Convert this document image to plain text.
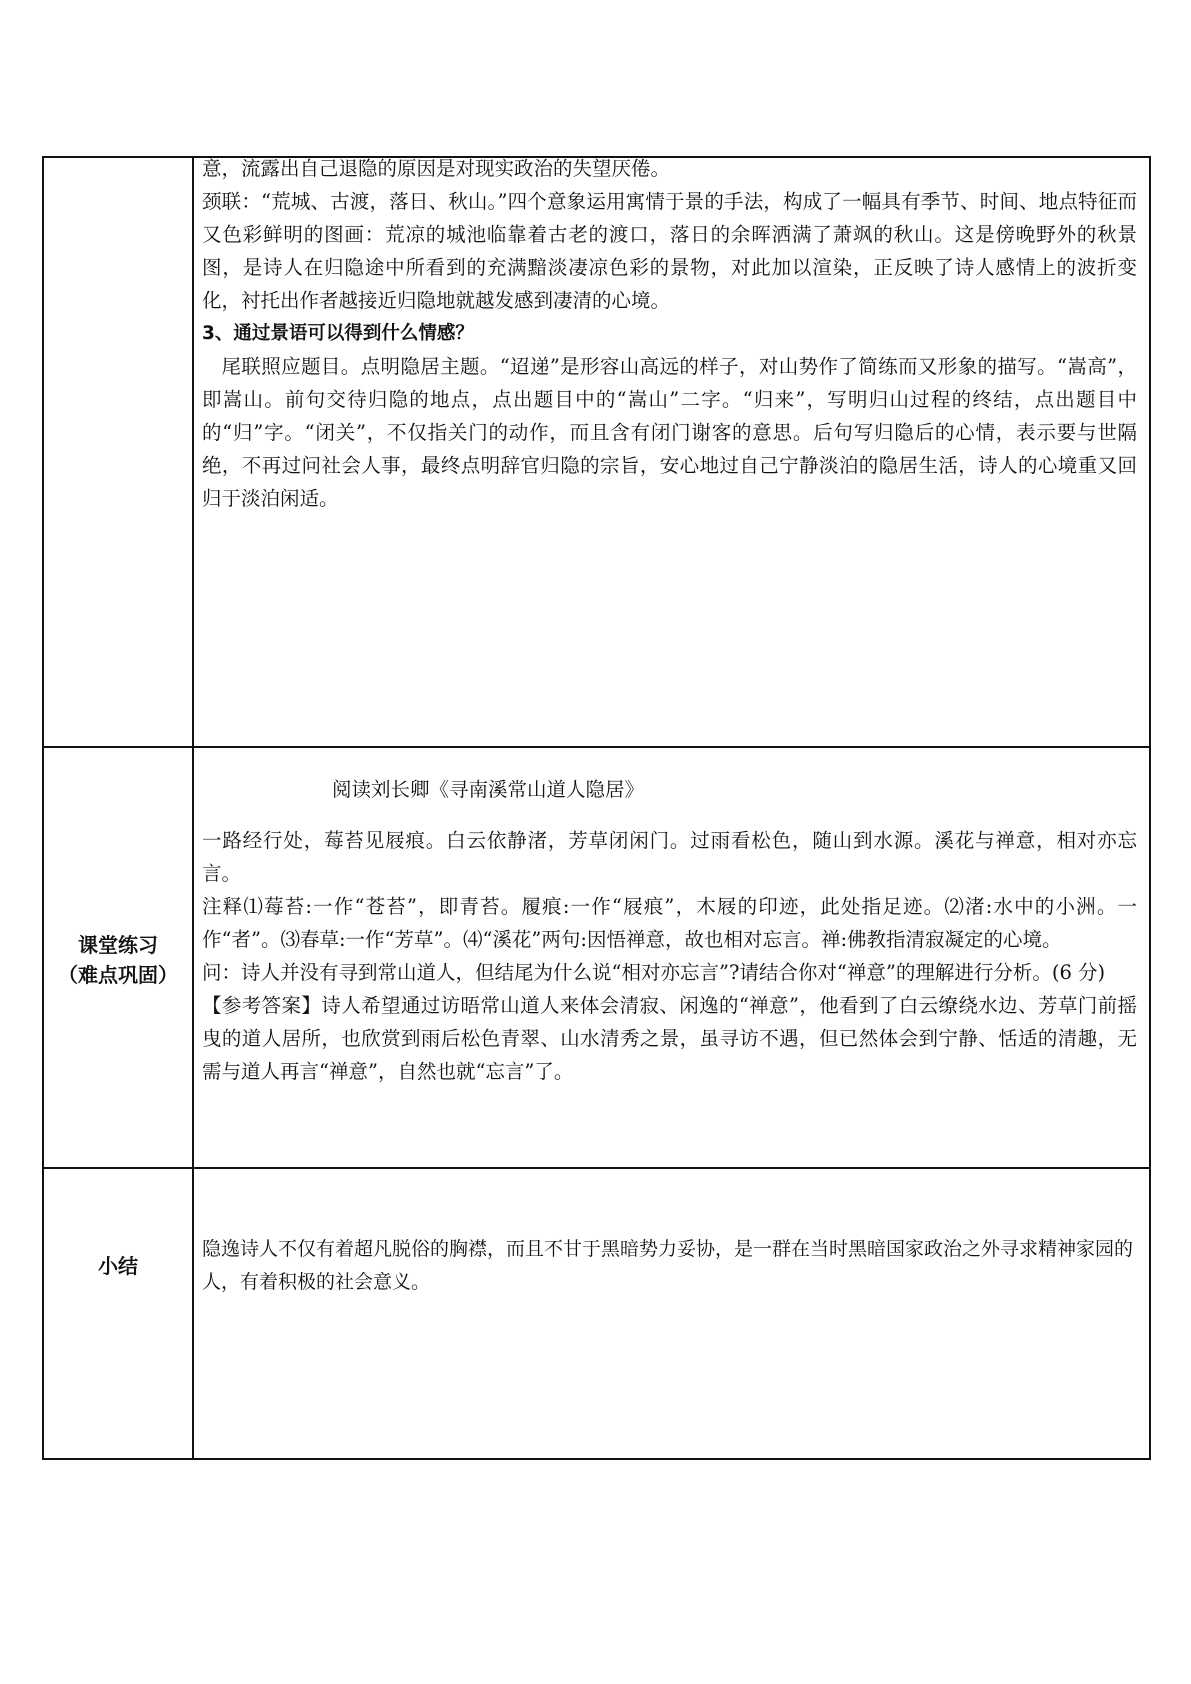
意，流露出自己退隐的原因是对现实政治的失望厌倦。

颈联：“荒城、古渡，落日、秋山。”四个意象运用寓情于景的手法，构成了一幅具有季节、时间、地点特征而又色彩鲜明的图画：荒凉的城池临靠着古老的渡口，落日的余晖洒满了萧飒的秋山。这是傍晚野外的秋景图，是诗人在归隐途中所看到的充满黯淡凄凉色彩的景物，对此加以渲染，正反映了诗人感情上的波折变化，衬托出作者越接近归隐地就越发感到凄清的心境。

3、通过景语可以得到什么情感？

尾联照应题目。点明隐居主题。“迢递”是形容山高远的样子，对山势作了简练而又形象的描写。“嵩高”，即嵩山。前句交待归隐的地点，点出题目中的“嵩山”二字。“归来”，写明归山过程的终结，点出题目中的“归”字。“闭关”，不仅指关门的动作，而且含有闭门谢客的意思。后句写归隐后的心情，表示要与世隔绝，不再过问社会人事，最终点明辞官归隐的宗旨，安心地过自己宁静淡泊的隐居生活，诗人的心境重又回归于淡泊闲适。

课堂练习
（难点巩固）

阅读刘长卿《寻南溪常山道人隐居》

一路经行处，莓苔见屐痕。白云依静渚，芳草闭闲门。过雨看松色，随山到水源。溪花与禅意，相对亦忘言。

注释⑴莓苔:一作“苍苔”，即青苔。履痕:一作“屐痕”，木屐的印迹，此处指足迹。⑵渚:水中的小洲。一作“者”。⑶春草:一作“芳草”。⑷“溪花”两句:因悟禅意，故也相对忘言。禅:佛教指清寂凝定的心境。

问：诗人并没有寻到常山道人，但结尾为什么说“相对亦忘言”?请结合你对“禅意”的理解进行分析。(6 分)

【参考答案】诗人希望通过访晤常山道人来体会清寂、闲逸的“禅意”，他看到了白云缭绕水边、芳草门前摇曳的道人居所，也欣赏到雨后松色青翠、山水清秀之景，虽寻访不遇，但已然体会到宁静、恬适的清趣，无需与道人再言“禅意”，自然也就“忘言”了。

小结
隐逸诗人不仅有着超凡脱俗的胸襟，而且不甘于黑暗势力妥协，是一群在当时黑暗国家政治之外寻求精神家园的人，有着积极的社会意义。
